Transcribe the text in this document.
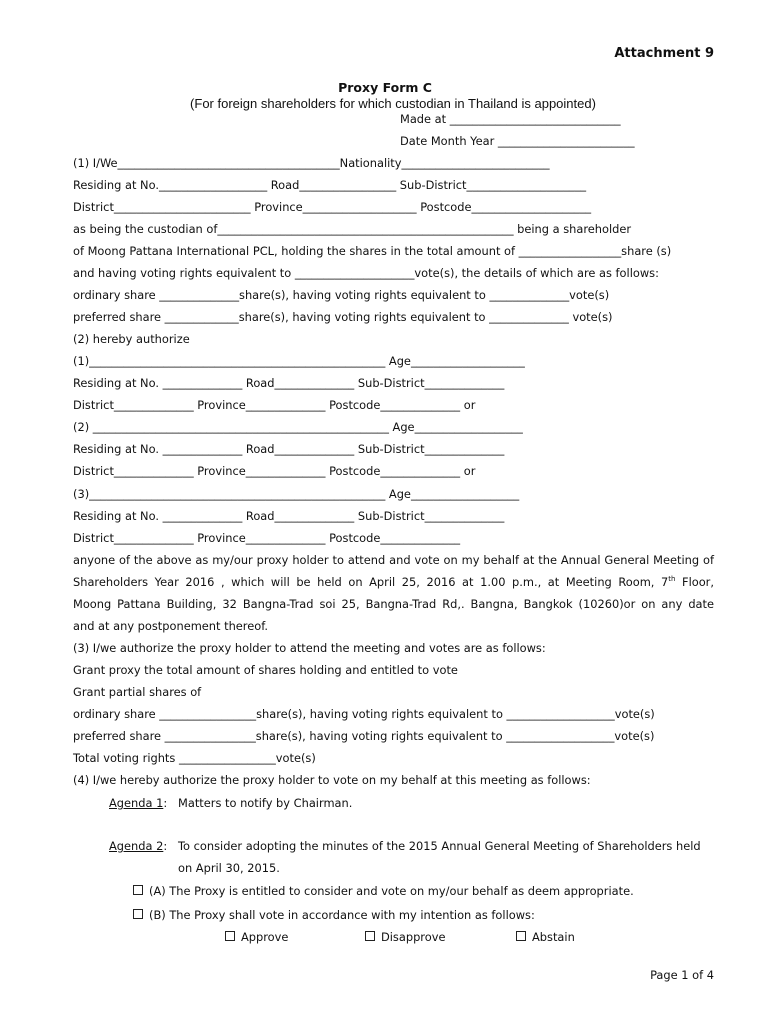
Attachment 9
Proxy Form C
(For foreign shareholders for which custodian in Thailand is appointed)
Made at ______________________________
Date Month Year ________________________
(1) I/We_______________________________________Nationality__________________________
Residing at No.___________________ Road_________________ Sub-District_____________________
District________________________ Province____________________ Postcode_____________________
as being the custodian of____________________________________________________ being a shareholder
of Moong Pattana International PCL, holding the shares in the total amount of __________________share (s)
and having voting rights equivalent to _____________________vote(s), the details of which are as follows:
ordinary share ______________share(s), having voting rights equivalent to ______________vote(s)
preferred share _____________share(s), having voting rights equivalent to ______________ vote(s)
(2) hereby authorize
(1)____________________________________________________ Age____________________
Residing at No. ______________ Road______________ Sub-District______________
District______________ Province______________ Postcode______________ or
(2) ____________________________________________________ Age___________________
Residing at No. ______________ Road______________ Sub-District______________
District______________ Province______________ Postcode______________ or
(3)____________________________________________________ Age___________________
Residing at No. ______________ Road______________ Sub-District______________
District______________ Province______________ Postcode______________
anyone of the above as my/our proxy holder to attend and vote on my behalf at the Annual General Meeting of
Shareholders Year 2016 , which will be held on April 25, 2016 at 1.00 p.m., at Meeting Room, 7th Floor,
Moong Pattana Building, 32 Bangna-Trad soi 25, Bangna-Trad Rd,. Bangna, Bangkok (10260)or on any date
and at any postponement thereof.
(3) I/we authorize the proxy holder to attend the meeting and votes are as follows:
Grant proxy the total amount of shares holding and entitled to vote
Grant partial shares of
ordinary share _________________share(s), having voting rights equivalent to ___________________vote(s)
preferred share ________________share(s), having voting rights equivalent to ___________________vote(s)
Total voting rights _________________vote(s)
(4) I/we hereby authorize the proxy holder to vote on my behalf at this meeting as follows:
Agenda 1:   Matters to notify by Chairman.
Agenda 2:   To consider adopting the minutes of the 2015 Annual General Meeting of Shareholders held
on April 30, 2015.
(A) The Proxy is entitled to consider and vote on my/our behalf as deem appropriate.
(B) The Proxy shall vote in accordance with my intention as follows:
Approve	Disapprove	Abstain
Page 1 of 4
